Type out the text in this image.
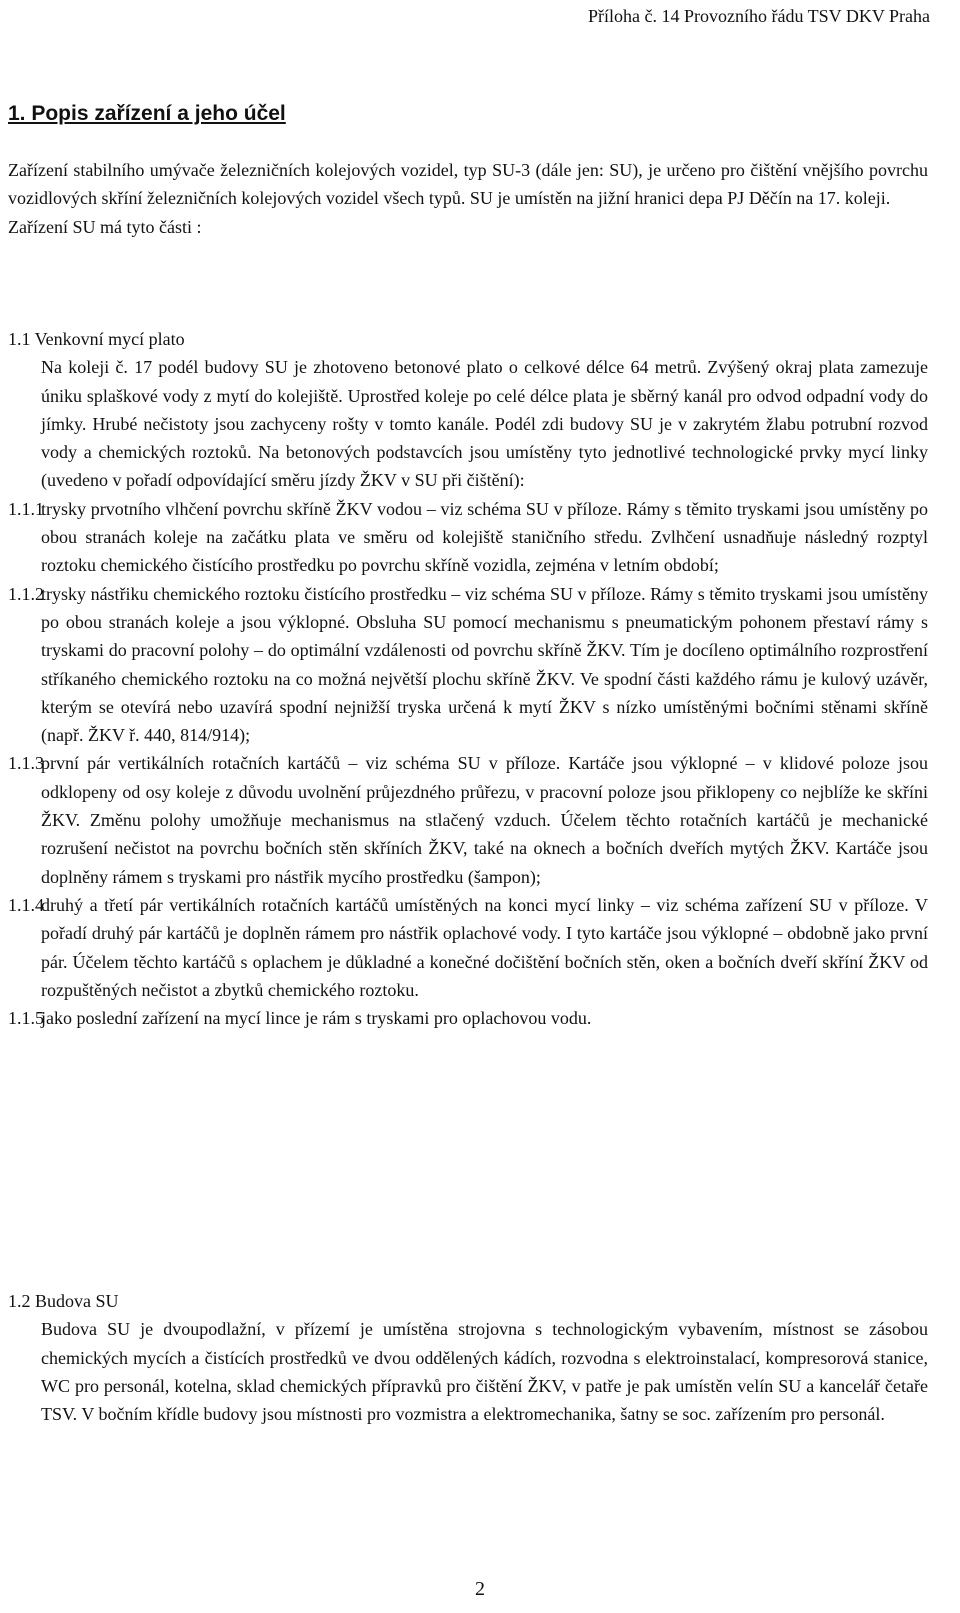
Příloha č. 14 Provozního řádu TSV DKV Praha
1. Popis zařízení a jeho účel

Zařízení stabilního umývače železničních kolejových vozidel, typ SU-3 (dále jen: SU), je určeno pro čištění vnějšího povrchu vozidlových skříní železničních kolejových vozidel všech typů. SU je umístěn na jižní hranici depa PJ Děčín na 17. koleji.

Zařízení SU má tyto části :

1.1 Venkovní mycí plato

Na koleji č. 17 podél budovy SU je zhotoveno betonové plato o celkové délce 64 metrů. Zvýšený okraj plata zamezuje úniku splaškové vody z mytí do kolejiště. Uprostřed koleje po celé délce plata je sběrný kanál pro odvod odpadní vody do jímky. Hrubé nečistoty jsou zachyceny rošty v tomto kanále. Podél zdi budovy SU je v zakrytém žlabu potrubní rozvod vody a chemických roztoků. Na betonových podstavcích jsou umístěny tyto jednotlivé technologické prvky mycí linky (uvedeno v pořadí odpovídající směru jízdy ŽKV v SU při čištění):

1.1.1
trysky prvotního vlhčení povrchu skříně ŽKV vodou – viz schéma SU v příloze. Rámy s těmito tryskami jsou umístěny po obou stranách koleje na začátku plata ve směru od kolejiště staničního středu. Zvlhčení usnadňuje následný rozptyl roztoku chemického čistícího prostředku po povrchu skříně vozidla, zejména v letním období;
1.1.2
trysky nástřiku chemického roztoku čistícího prostředku – viz schéma SU v příloze. Rámy s těmito tryskami jsou umístěny po obou stranách koleje a jsou výklopné. Obsluha SU pomocí mechanismu s pneumatickým pohonem přestaví rámy s tryskami do pracovní polohy – do optimální vzdálenosti od povrchu skříně ŽKV. Tím je docíleno optimálního rozprostření stříkaného chemického roztoku na co možná největší plochu skříně ŽKV. Ve spodní části každého rámu je kulový uzávěr, kterým se otevírá nebo uzavírá spodní nejnižší tryska určená k mytí ŽKV s nízko umístěnými bočními stěnami skříně (např. ŽKV ř. 440, 814/914);
1.1.3
první pár vertikálních rotačních kartáčů – viz schéma SU v příloze. Kartáče jsou výklopné – v klidové poloze jsou odklopeny od osy koleje z důvodu uvolnění průjezdného průřezu, v pracovní poloze jsou přiklopeny co nejblíže ke skříni ŽKV. Změnu polohy umožňuje mechanismus na stlačený vzduch. Účelem těchto rotačních kartáčů je mechanické rozrušení nečistot na povrchu bočních stěn skříních ŽKV, také na oknech a bočních dveřích mytých ŽKV. Kartáče jsou doplněny rámem s tryskami pro nástřik mycího prostředku (šampon);
1.1.4
druhý a třetí pár vertikálních rotačních kartáčů umístěných na konci mycí linky – viz schéma zařízení SU v příloze. V pořadí druhý pár kartáčů je doplněn rámem pro nástřik oplachové vody. I tyto kartáče jsou výklopné – obdobně jako první pár. Účelem těchto kartáčů s oplachem je důkladné a konečné dočištění bočních stěn, oken a bočních dveří skříní ŽKV od rozpuštěných nečistot a zbytků chemického roztoku.
1.1.5
jako poslední zařízení na mycí lince je rám s tryskami pro oplachovou vodu.

1.2 Budova SU

Budova SU je dvoupodlažní, v přízemí je umístěna strojovna s technologickým vybavením, místnost se zásobou chemických mycích a čistících prostředků ve dvou oddělených kádích, rozvodna s elektroinstalací, kompresorová stanice, WC pro personál, kotelna, sklad chemických přípravků pro čištění ŽKV, v patře je pak umístěn velín SU a kancelář četaře TSV. V bočním křídle budovy jsou místnosti pro vozmistra a elektromechanika, šatny se soc. zařízením pro personál.

2
